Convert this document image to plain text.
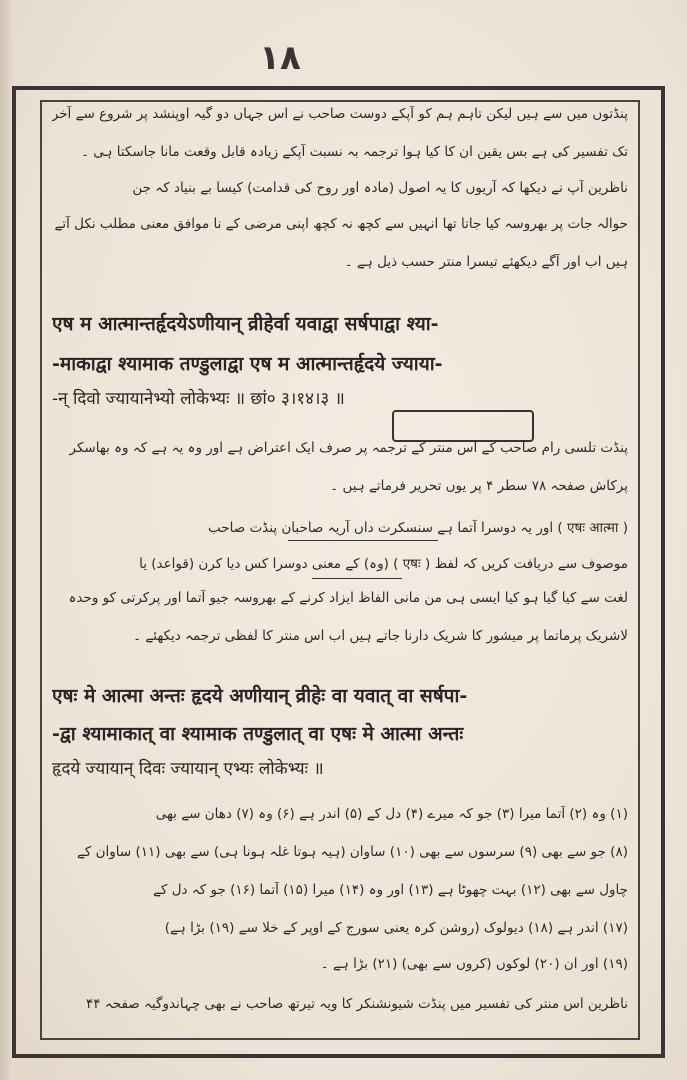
۱۸
پنڈتوں میں سے ہیں لیکن تاہم ہم کو آپکے دوست صاحب نے اس جہاں دو گیہ اوپنشد پر شروع سے آخر
تک تفسیر کی ہے بس یقین ان کا کیا ہوا ترجمہ بہ نسبت آپکے زیادہ قابل وقعت مانا جاسکتا ہی ۔
ناظرین آپ نے دیکھا کہ آریوں کا یہ اصول (مادہ اور روح کی قدامت) کیسا بے بنیاد کہ جن
حوالہ جات پر بھروسہ کیا جاتا تھا انہیں سے کچھ نہ کچھ اپنی مرضی کے نا موافق معنی مطلب نکل آتے
ہیں اب اور آگے دیکھئے تیسرا منتر حسب ذیل ہے ۔
एष म आत्मान्तर्हृदयेऽणीयान् व्रीहेर्वा यवाद्वा सर्षपाद्वा श्या-
-माकाद्वा श्यामाक तण्डुलाद्वा एष म आत्मान्तर्हृदये ज्याया-
-न् दिवो ज्यायानेभ्यो लोकेभ्यः ॥ छां० ३।१४।३ ॥
پنڈت تلسی رام صاحب کے اس منتر کے ترجمہ پر صرف ایک اعتراض ہے اور وہ یہ ہے کہ وہ بھاسکر
پرکاش صفحہ ۷۸ سطر ۴ پر یوں تحریر فرماتے ہیں ۔
( एषः आत्मा ) اور یہ دوسرا آتما ہے سنسکرت داں آریہ صاحبان پنڈت صاحب
موصوف سے دریافت کریں کہ لفظ ( एषः ) (وہ) کے معنی دوسرا کس دیا کرن (قواعد) یا
لغت سے کیا گیا ہو کیا ایسی ہی من مانی الفاظ ایزاد کرنے کے بھروسہ جیو آتما اور پرکرتی کو وحدہ
لاشریک پرماتما پر میشور کا شریک دارنا جاتے ہیں اب اس منتر کا لفظی ترجمہ دیکھئے ۔
एषः मे आत्मा अन्तः हृदये अणीयान् व्रीहेः वा यवात् वा सर्षपा-
-द्वा श्यामाकात् वा श्यामाक तण्डुलात् वा एषः मे आत्मा अन्तः
हृदये ज्यायान् दिवः ज्यायान् एभ्यः लोकेभ्यः ॥
(۱) وہ (۲) آتما میرا (۳) جو کہ میرے (۴) دل کے (۵) اندر ہے (۶) وہ (۷) دھان سے بھی
(۸) جو سے بھی (۹) سرسوں سے بھی (۱۰) ساوان (ہیہ ہوتا غلہ ہونا ہی) سے بھی (۱۱) ساوان کے
چاول سے بھی (۱۲) بہت چھوٹا ہے (۱۳) اور وہ (۱۴) میرا (۱۵) آتما (۱۶) جو کہ دل کے
(۱۷) اندر ہے (۱۸) دیولوک (روشن کرہ یعنی سورج کے اوپر کے خلا سے (۱۹) بڑا ہے)
(۱۹) اور ان (۲۰) لوکوں (کروں سے بھی) (۲۱) بڑا ہے ۔
ناظرین اس منتر کی تفسیر میں پنڈت شیونشنکر کا ویہ تیرتھ صاحب نے بھی چہاندوگیہ صفحہ ۴۴
